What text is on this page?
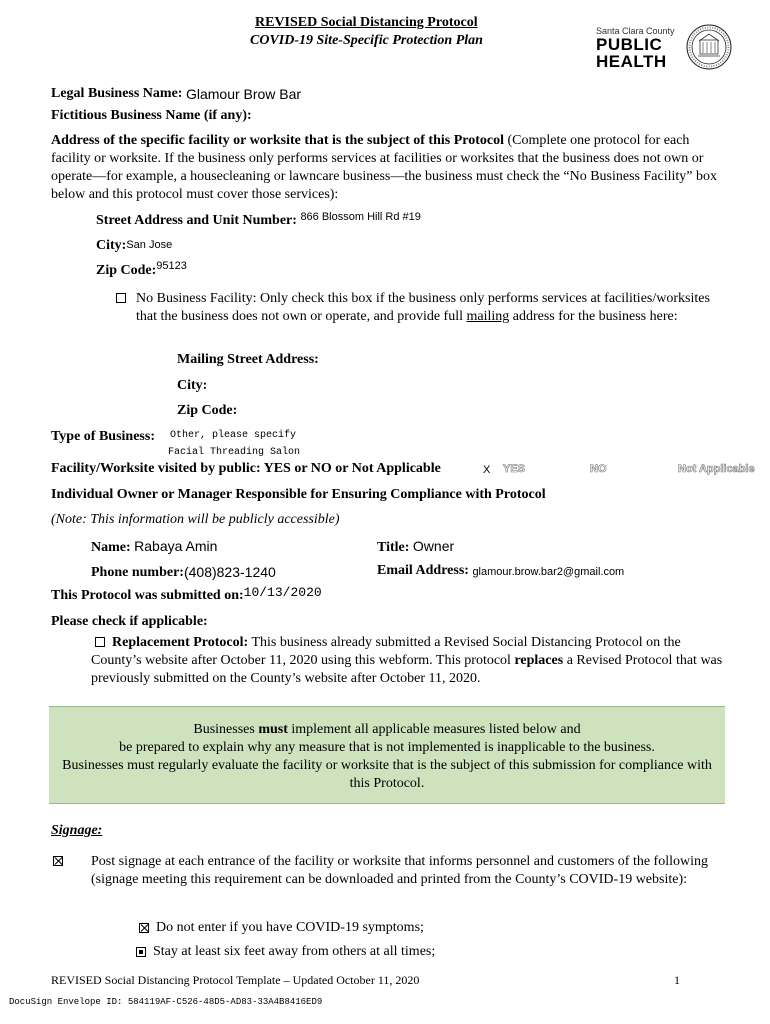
REVISED Social Distancing Protocol
COVID-19 Site-Specific Protection Plan
Santa Clara County
PUBLIC
HEALTH
Legal Business Name: Glamour Brow Bar
Fictitious Business Name (if any):
Address of the specific facility or worksite that is the subject of this Protocol (Complete one protocol for each facility or worksite. If the business only performs services at facilities or worksites that the business does not own or operate—for example, a housecleaning or lawncare business—the business must check the “No Business Facility” box below and this protocol must cover those services):
Street Address and Unit Number: $^{866 Blossom Hill Rd \#19}$
City:San Jose
Zip Code:$^{95123}$
No Business Facility: Only check this box if the business only performs services at facilities/worksites that the business does not own or operate, and provide full mailing address for the business here:
Mailing Street Address:
City:
Zip Code:
Type of Business: Other, please specify
Facial Threading Salon
Facility/Worksite visited by public: YES or NO or Not Applicable	X YES	NO	Not Applicable
Individual Owner or Manager Responsible for Ensuring Compliance with Protocol
(Note: This information will be publicly accessible)
Name: Rabaya Amin	Title: Owner
Phone number:(408)823-1240	Email Address: glamour.brow.bar2@gmail.com
This Protocol was submitted on:10/13/2020
Please check if applicable:
Replacement Protocol: This business already submitted a Revised Social Distancing Protocol on the County’s website after October 11, 2020 using this webform. This protocol replaces a Revised Protocol that was previously submitted on the County’s website after October 11, 2020.
Businesses must implement all applicable measures listed below and
be prepared to explain why any measure that is not implemented is inapplicable to the business.
Businesses must regularly evaluate the facility or worksite that is the subject of this submission for compliance with this Protocol.
Signage:
Post signage at each entrance of the facility or worksite that informs personnel and customers of the following (signage meeting this requirement can be downloaded and printed from the County’s COVID-19 website):
Do not enter if you have COVID-19 symptoms;
Stay at least six feet away from others at all times;
REVISED Social Distancing Protocol Template – Updated October 11, 2020	1
DocuSign Envelope ID: 584119AF-C526-48D5-AD83-33A4B8416ED9
